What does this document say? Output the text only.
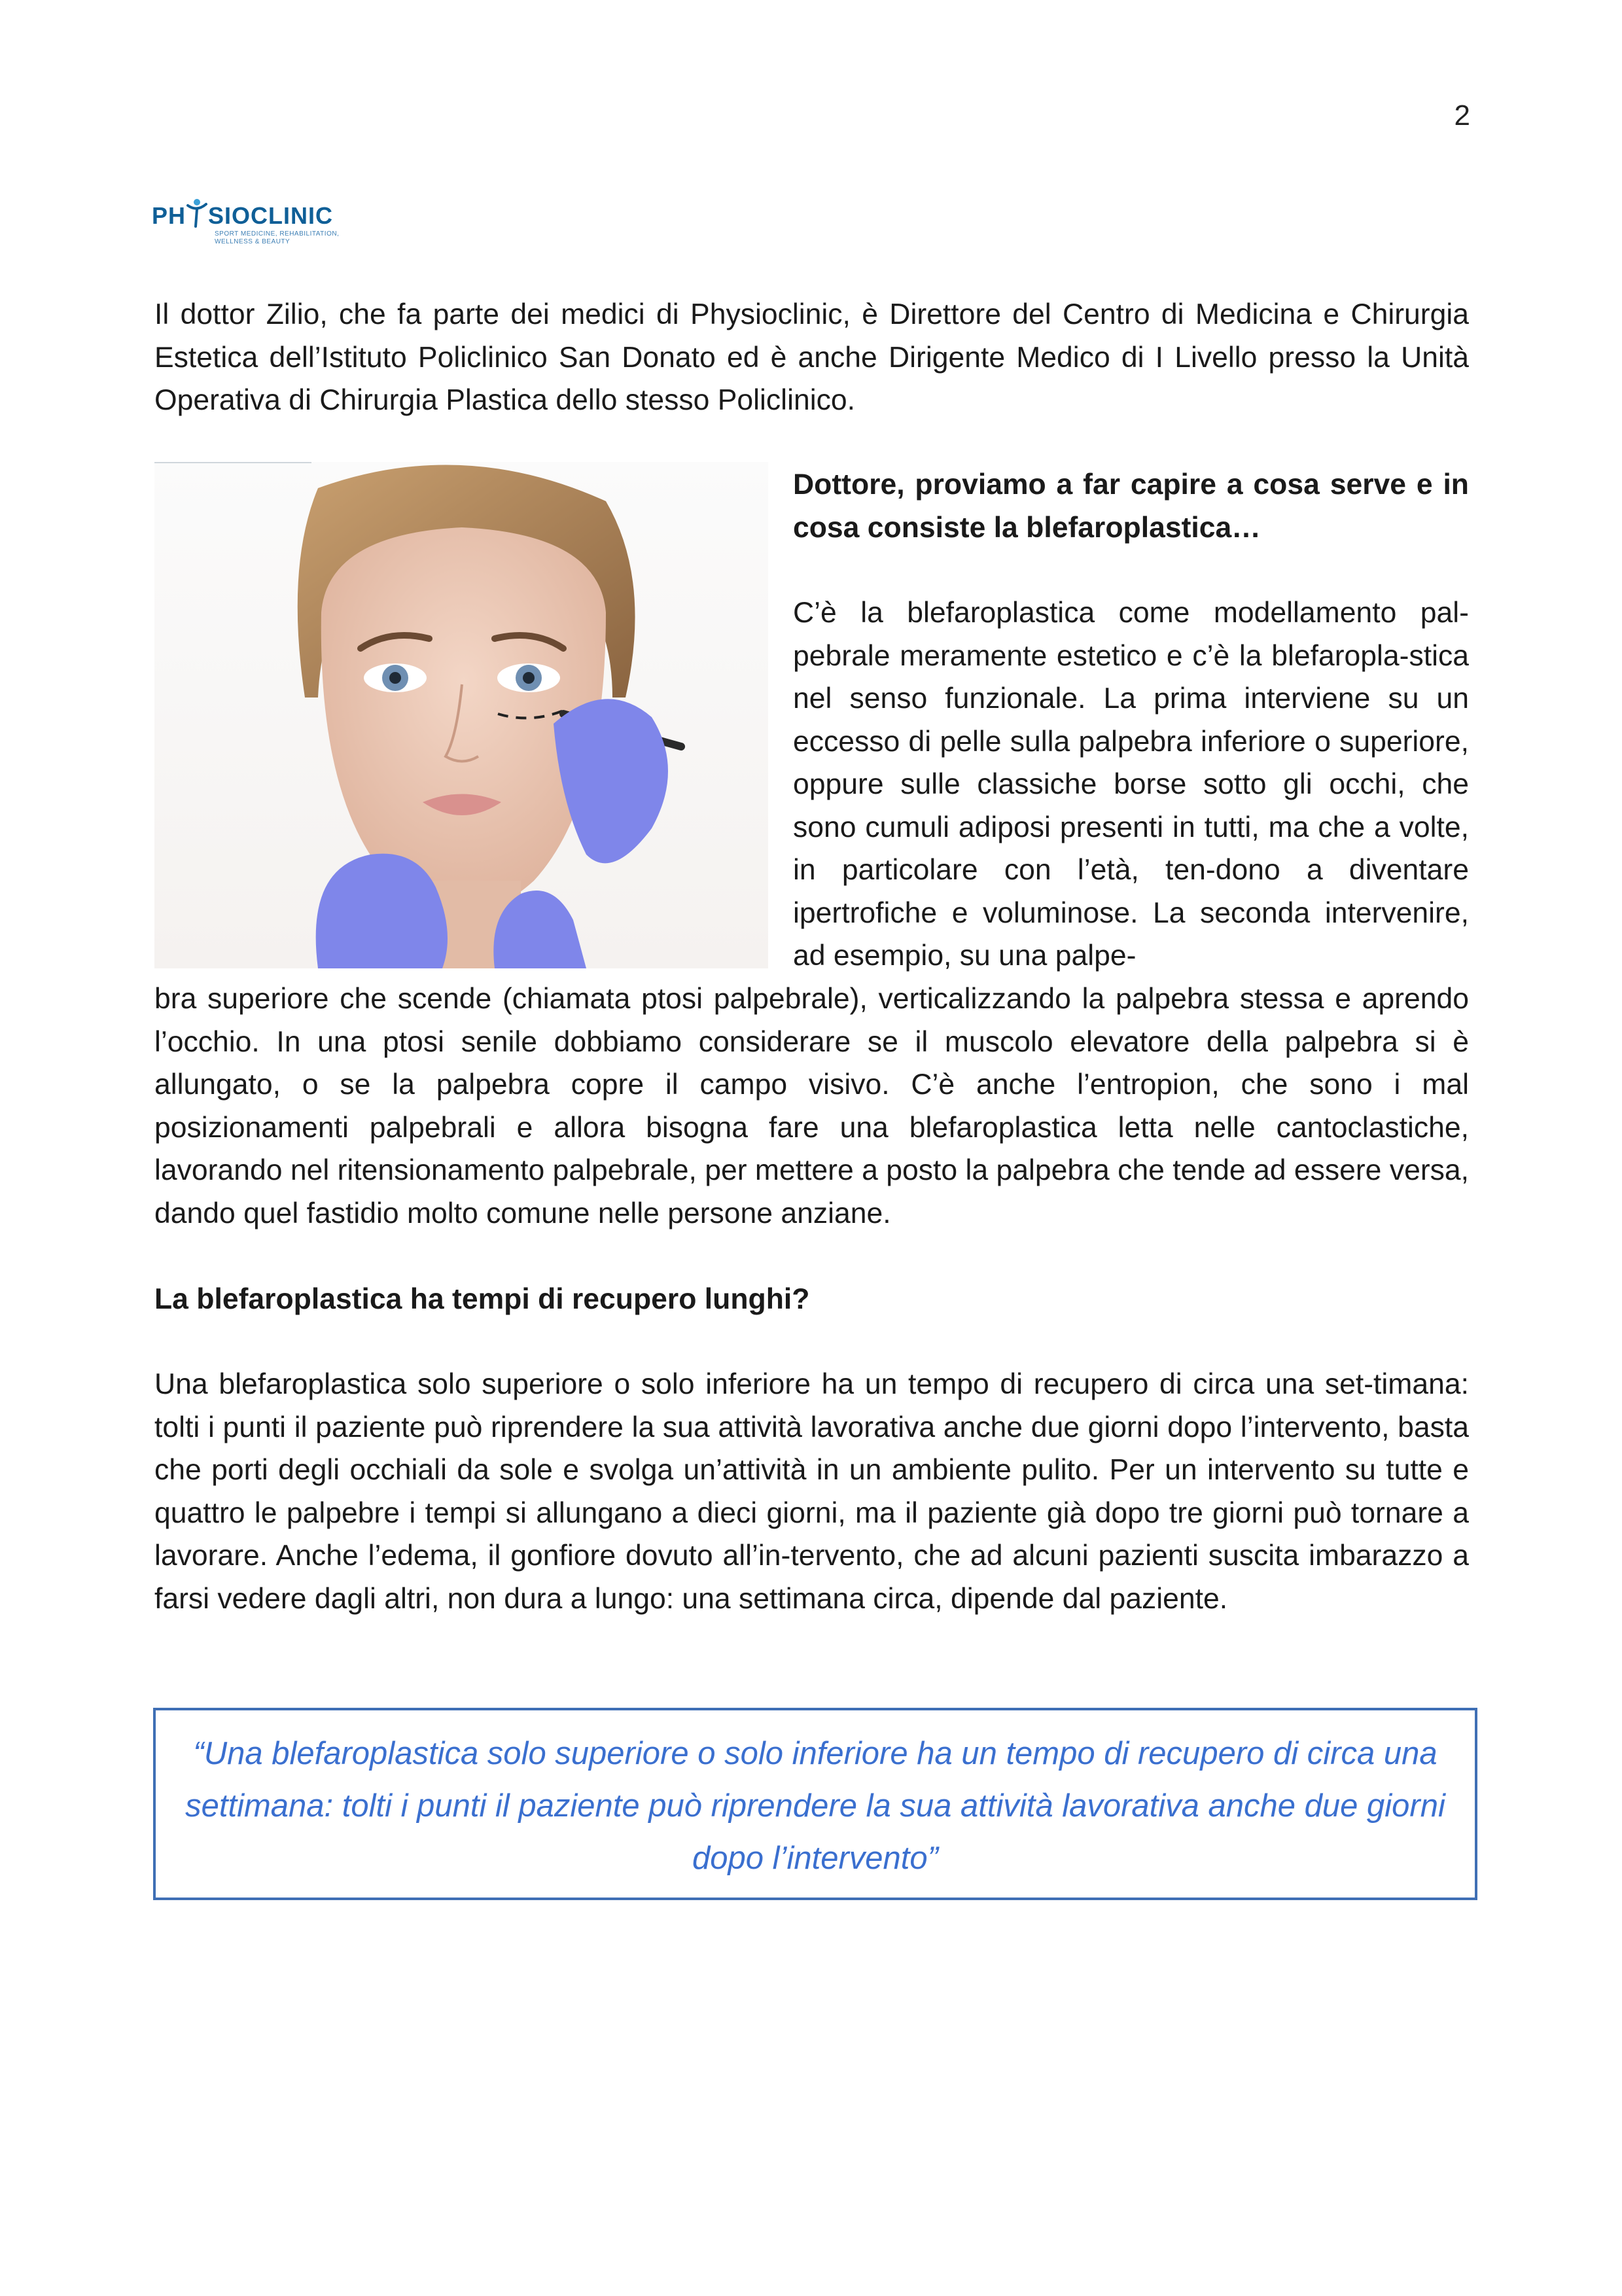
2
PH SIOCLINIC
SPORT MEDICINE, REHABILITATION, WELLNESS & BEAUTY

Il dottor Zilio, che fa parte dei medici di Physioclinic, è Direttore del Centro di Medicina e Chirurgia Estetica dell’Istituto Policlinico San Donato ed è anche Dirigente Medico di I Livello presso la Unità Operativa di Chirurgia Plastica dello stesso Policlinico.

Dottore, proviamo a far capire a cosa serve e in cosa consiste la blefaroplastica…

C’è la blefaroplastica come modellamento pal-pebrale meramente estetico e c’è la blefaropla-stica nel senso funzionale. La prima interviene su un eccesso di pelle sulla palpebra inferiore o superiore, oppure sulle classiche borse sotto gli occhi, che sono cumuli adiposi presenti in tutti, ma che a volte, in particolare con l’età, ten-dono a diventare ipertrofiche e voluminose. La seconda intervenire, ad esempio, su una palpe-

bra superiore che scende (chiamata ptosi palpebrale), verticalizzando la palpebra stessa e aprendo l’occhio. In una ptosi senile dobbiamo considerare se il muscolo elevatore della palpebra si è allungato, o se la palpebra copre il campo visivo. C’è anche l’entropion, che sono i mal posizionamenti palpebrali e allora bisogna fare una blefaroplastica letta nelle cantoclastiche, lavorando nel ritensionamento palpebrale, per mettere a posto la palpebra che tende ad essere versa, dando quel fastidio molto comune nelle persone anziane.

La blefaroplastica ha tempi di recupero lunghi?

Una blefaroplastica solo superiore o solo inferiore ha un tempo di recupero di circa una set-timana: tolti i punti il paziente può riprendere la sua attività lavorativa anche due giorni dopo l’intervento, basta che porti degli occhiali da sole e svolga un’attività in un ambiente pulito. Per un intervento su tutte e quattro le palpebre i tempi si allungano a dieci giorni, ma il paziente già dopo tre giorni può tornare a lavorare. Anche l’edema, il gonfiore dovuto all’in-tervento, che ad alcuni pazienti suscita imbarazzo a farsi vedere dagli altri, non dura a lungo: una settimana circa, dipende dal paziente.

“Una blefaroplastica solo superiore o solo inferiore ha un tempo di recupero di circa una settimana: tolti i punti il paziente può riprendere la sua attività lavorativa anche due giorni dopo l’intervento”
